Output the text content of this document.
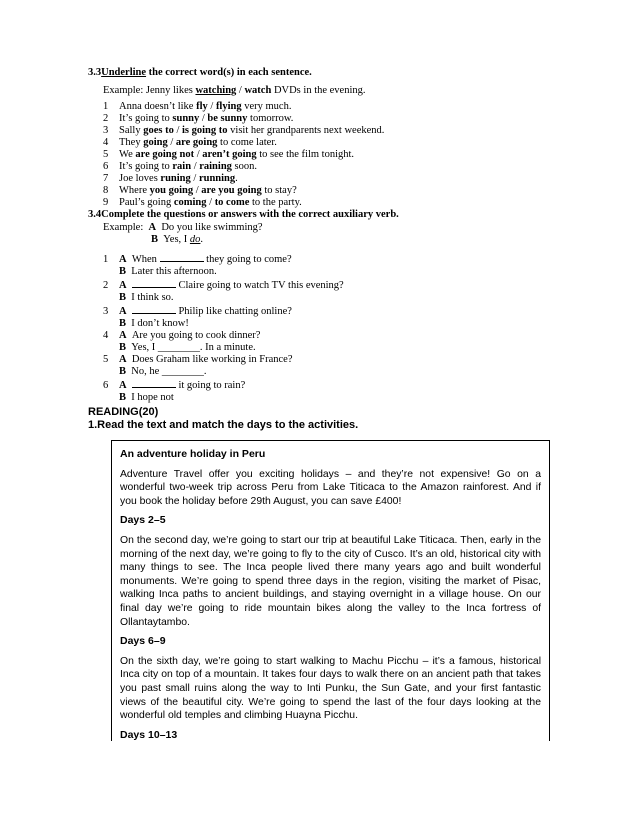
3.3Underline the correct word(s) in each sentence.
Example: Jenny likes watching / watch DVDs in the evening.
1 Anna doesn’t like fly / flying very much.
2 It’s going to sunny / be sunny tomorrow.
3 Sally goes to / is going to visit her grandparents next weekend.
4 They going / are going to come later.
5 We are going not / aren’t going to see the film tonight.
6 It’s going to rain / raining soon.
7 Joe loves runing / running.
8 Where you going / are you going to stay?
9 Paul’s going coming / to come to the party.
3.4Complete the questions or answers with the correct auxiliary verb.
Example: A Do you like swimming?
B Yes, I do.
1 A When	they going to come?
B Later this afternoon.
2 A	Claire going to watch TV this evening?
B I think so.
3 A	Philip like chatting online?
B I don’t know!
4 A Are you going to cook dinner?
B Yes, I ________. In a minute.
5 A Does Graham like working in France?
B No, he ________.
6 A	it going to rain?
B I hope not
READING(20)
1.Read the text and match the days to the activities.
An adventure holiday in Peru

Adventure Travel offer you exciting holidays – and they’re not expensive! Go on a wonderful two-week trip across Peru from Lake Titicaca to the Amazon rainforest. And if you book the holiday before 29th August, you can save £400!

Days 2–5

On the second day, we’re going to start our trip at beautiful Lake Titicaca. Then, early in the morning of the next day, we’re going to fly to the city of Cusco. It’s an old, historical city with many things to see. The Inca people lived there many years ago and built wonderful monuments. We’re going to spend three days in the region, visiting the market of Pisac, walking Inca paths to ancient buildings, and staying overnight in a village house. On our final day we’re going to ride mountain bikes along the valley to the Inca fortress of Ollantaytambo.

Days 6–9

On the sixth day, we’re going to start walking to Machu Picchu – it’s a famous, historical Inca city on top of a mountain. It takes four days to walk there on an ancient path that takes you past small ruins along the way to Inti Punku, the Sun Gate, and your first fantastic views of the beautiful city. We’re going to spend the last of the four days looking at the wonderful old temples and climbing Huayna Picchu.

Days 10–13
